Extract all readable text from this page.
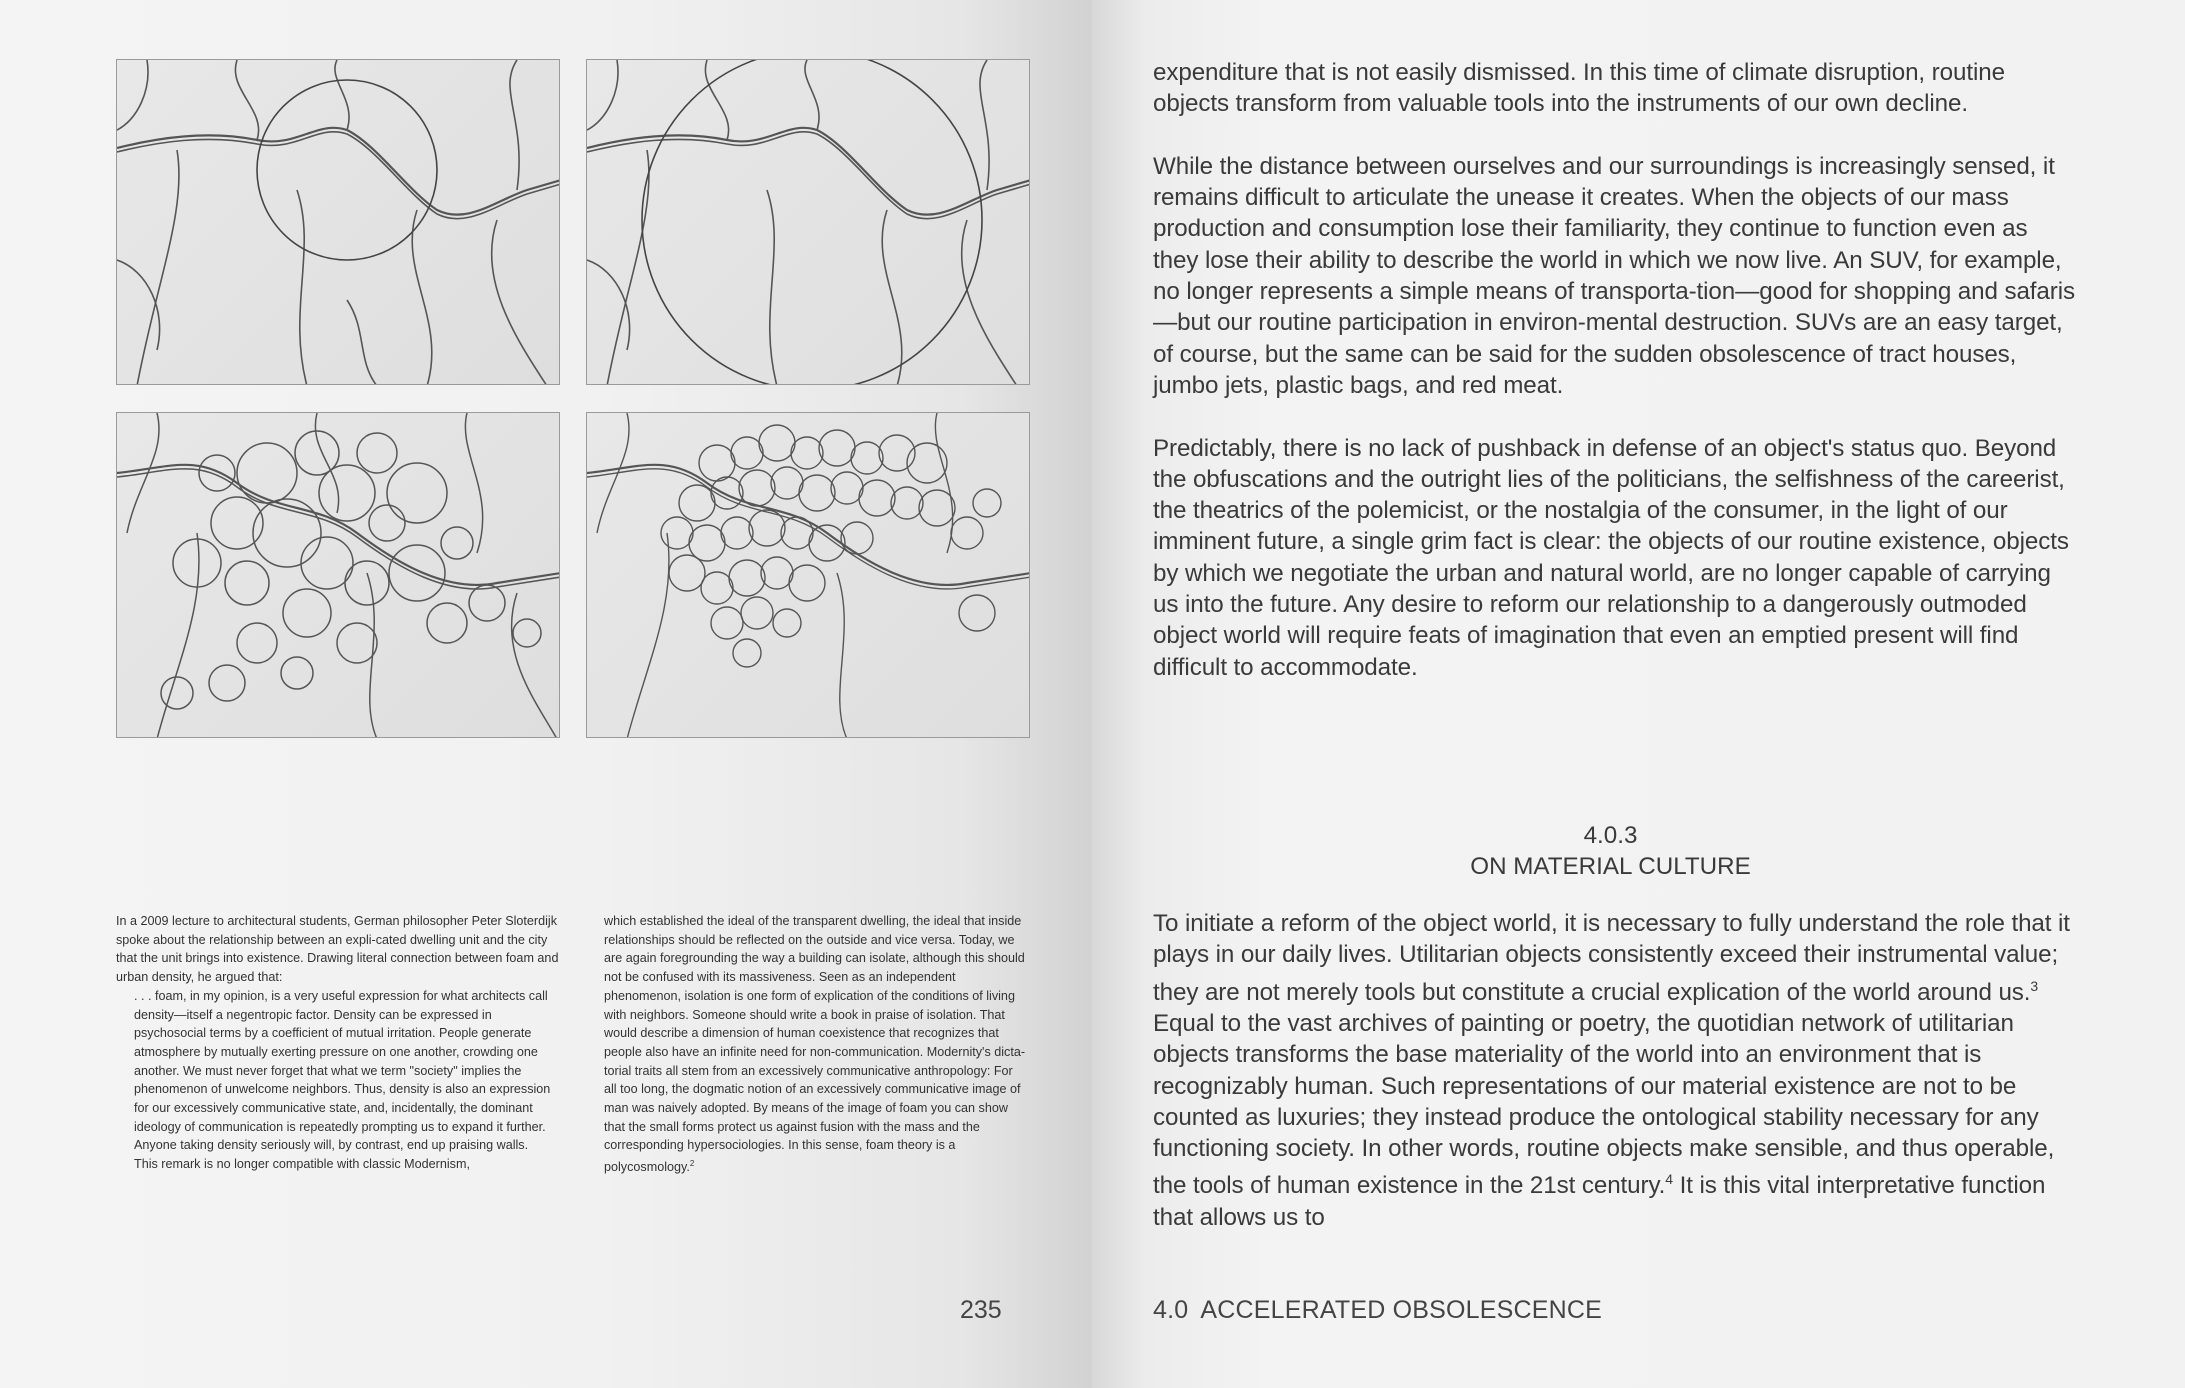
In a 2009 lecture to architectural students, German philosopher Peter Sloterdijk spoke about the relationship between an expli-cated dwelling unit and the city that the unit brings into existence. Drawing literal connection between foam and urban density, he argued that:

. . . foam, in my opinion, is a very useful expression for what architects call density—itself a negentropic factor. Density can be expressed in psychosocial terms by a coefficient of mutual irritation. People generate atmosphere by mutually exerting pressure on one another, crowding one another. We must never forget that what we term "society" implies the phenomenon of unwelcome neighbors. Thus, density is also an expression for our excessively communicative state, and, incidentally, the dominant ideology of communication is repeatedly prompting us to expand it further. Anyone taking density seriously will, by contrast, end up praising walls.

This remark is no longer compatible with classic Modernism,

which established the ideal of the transparent dwelling, the ideal that inside relationships should be reflected on the outside and vice versa. Today, we are again foregrounding the way a building can isolate, although this should not be confused with its massiveness. Seen as an independent phenomenon, isolation is one form of explication of the conditions of living with neighbors. Someone should write a book in praise of isolation. That would describe a dimension of human coexistence that recognizes that people also have an infinite need for non-communication. Modernity's dicta-torial traits all stem from an excessively communicative anthropology: For all too long, the dogmatic notion of an excessively communicative image of man was naively adopted. By means of the image of foam you can show that the small forms protect us against fusion with the mass and the corresponding hypersociologies. In this sense, foam theory is a polycosmology.$^2$

235

expenditure that is not easily dismissed. In this time of climate disruption, routine objects transform from valuable tools into the instruments of our own decline.

While the distance between ourselves and our surroundings is increasingly sensed, it remains difficult to articulate the unease it creates. When the objects of our mass production and consumption lose their familiarity, they continue to function even as they lose their ability to describe the world in which we now live. An SUV, for example, no longer represents a simple means of transporta-tion—good for shopping and safaris—but our routine participation in environ-mental destruction. SUVs are an easy target, of course, but the same can be said for the sudden obsolescence of tract houses, jumbo jets, plastic bags, and red meat.

Predictably, there is no lack of pushback in defense of an object's status quo. Beyond the obfuscations and the outright lies of the politicians, the selfishness of the careerist, the theatrics of the polemicist, or the nostalgia of the consumer, in the light of our imminent future, a single grim fact is clear: the objects of our routine existence, objects by which we negotiate the urban and natural world, are no longer capable of carrying us into the future. Any desire to reform our relationship to a dangerously outmoded object world will require feats of imagination that even an emptied present will find difficult to accommodate.

4.0.3
ON MATERIAL CULTURE

To initiate a reform of the object world, it is necessary to fully understand the role that it plays in our daily lives. Utilitarian objects consistently exceed their instrumental value; they are not merely tools but constitute a crucial explication of the world around us.$^3$ Equal to the vast archives of painting or poetry, the quotidian network of utilitarian objects transforms the base materiality of the world into an environment that is recognizably human. Such representations of our material existence are not to be counted as luxuries; they instead produce the ontological stability necessary for any functioning society. In other words, routine objects make sensible, and thus operable, the tools of human existence in the 21st century.$^4$ It is this vital interpretative function that allows us to

4.0 ACCELERATED OBSOLESCENCE
